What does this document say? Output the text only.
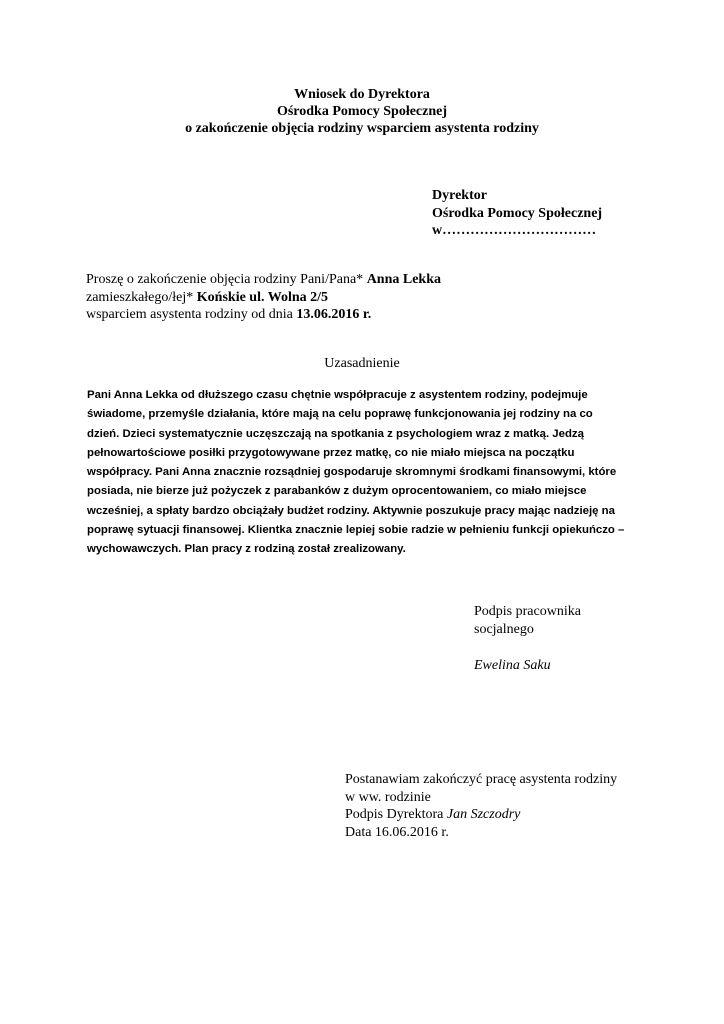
Wniosek do Dyrektora
Ośrodka Pomocy Społecznej
o zakończenie objęcia rodziny wsparciem asystenta rodziny
Dyrektor
Ośrodka Pomocy Społecznej
w……………………………
Proszę o zakończenie objęcia rodziny Pani/Pana* Anna Lekka
zamieszkałego/łej* Końskie ul. Wolna 2/5
wsparciem asystenta rodziny od dnia 13.06.2016 r.
Uzasadnienie
Pani Anna Lekka od dłuższego czasu chętnie współpracuje z asystentem rodziny, podejmuje
świadome, przemyśle działania, które mają na celu poprawę funkcjonowania jej rodziny na co
dzień. Dzieci systematycznie uczęszczają na spotkania z psychologiem wraz z matką. Jedzą
pełnowartościowe posiłki przygotowywane przez matkę, co nie miało miejsca na początku
współpracy. Pani Anna znacznie rozsądniej gospodaruje skromnymi środkami finansowymi, które
posiada, nie bierze już pożyczek z parabanków z dużym oprocentowaniem, co miało miejsce
wcześniej, a spłaty bardzo obciążały budżet rodziny. Aktywnie poszukuje pracy mając nadzieję na
poprawę sytuacji finansowej. Klientka znacznie lepiej sobie radzie w pełnieniu funkcji opiekuńczo –
wychowawczych. Plan pracy z rodziną został zrealizowany.
Podpis pracownika
socjalnego
Ewelina Saku
Postanawiam zakończyć pracę asystenta rodziny
w ww. rodzinie
Podpis Dyrektora Jan Szczodry
Data 16.06.2016 r.
